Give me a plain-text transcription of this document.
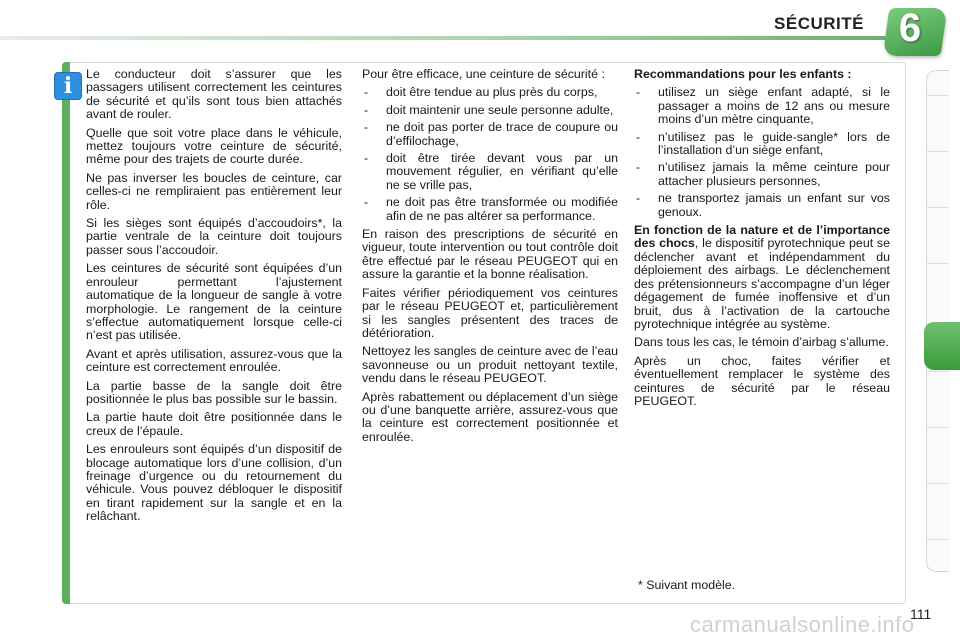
SÉCURITÉ 6
i	Le conducteur doit s’assurer que les passagers utilisent correctement les ceintures de sécurité et qu’ils sont tous bien attachés avant de rouler.

Quelle que soit votre place dans le véhicule, mettez toujours votre ceinture de sécurité, même pour des trajets de courte durée.

Ne pas inverser les boucles de ceinture, car celles-ci ne rempliraient pas entièrement leur rôle.

Si les sièges sont équipés d’accoudoirs*, la partie ventrale de la ceinture doit toujours passer sous l’accoudoir.

Les ceintures de sécurité sont équipées d’un enrouleur permettant l’ajustement automatique de la longueur de sangle à votre morphologie. Le rangement de la ceinture s’effectue automatiquement lorsque celle-ci n’est pas utilisée.

Avant et après utilisation, assurez-vous que la ceinture est correctement enroulée.

La partie basse de la sangle doit être positionnée le plus bas possible sur le bassin.

La partie haute doit être positionnée dans le creux de l’épaule.

Les enrouleurs sont équipés d’un dispositif de blocage automatique lors d’une collision, d’un freinage d’urgence ou du retournement du véhicule. Vous pouvez débloquer le dispositif en tirant rapidement sur la sangle et en la relâchant.

Pour être efficace, une ceinture de sécurité :

- doit être tendue au plus près du corps,
- doit maintenir une seule personne adulte,
- ne doit pas porter de trace de coupure ou d’effilochage,
- doit être tirée devant vous par un mouvement régulier, en vérifiant qu’elle ne se vrille pas,
- ne doit pas être transformée ou modifiée afin de ne pas altérer sa performance.

En raison des prescriptions de sécurité en vigueur, toute intervention ou tout contrôle doit être effectué par le réseau PEUGEOT qui en assure la garantie et la bonne réalisation.

Faites vérifier périodiquement vos ceintures par le réseau PEUGEOT et, particulièrement si les sangles présentent des traces de détérioration.

Nettoyez les sangles de ceinture avec de l’eau savonneuse ou un produit nettoyant textile, vendu dans le réseau PEUGEOT.

Après rabattement ou déplacement d’un siège ou d’une banquette arrière, assurez-vous que la ceinture est correctement positionnée et enroulée.

Recommandations pour les enfants :

- utilisez un siège enfant adapté, si le passager a moins de 12 ans ou mesure moins d’un mètre cinquante,
- n’utilisez pas le guide-sangle* lors de l’installation d’un siège enfant,
- n’utilisez jamais la même ceinture pour attacher plusieurs personnes,
- ne transportez jamais un enfant sur vos genoux.

En fonction de la nature et de l’importance des chocs, le dispositif pyrotechnique peut se déclencher avant et indépendamment du déploiement des airbags. Le déclenchement des prétensionneurs s’accompagne d’un léger dégagement de fumée inoffensive et d’un bruit, dus à l’activation de la cartouche pyrotechnique intégrée au système.

Dans tous les cas, le témoin d’airbag s’allume.

Après un choc, faites vérifier et éventuellement remplacer le système des ceintures de sécurité par le réseau PEUGEOT.

* Suivant modèle.
carmanualsonline.info
111
